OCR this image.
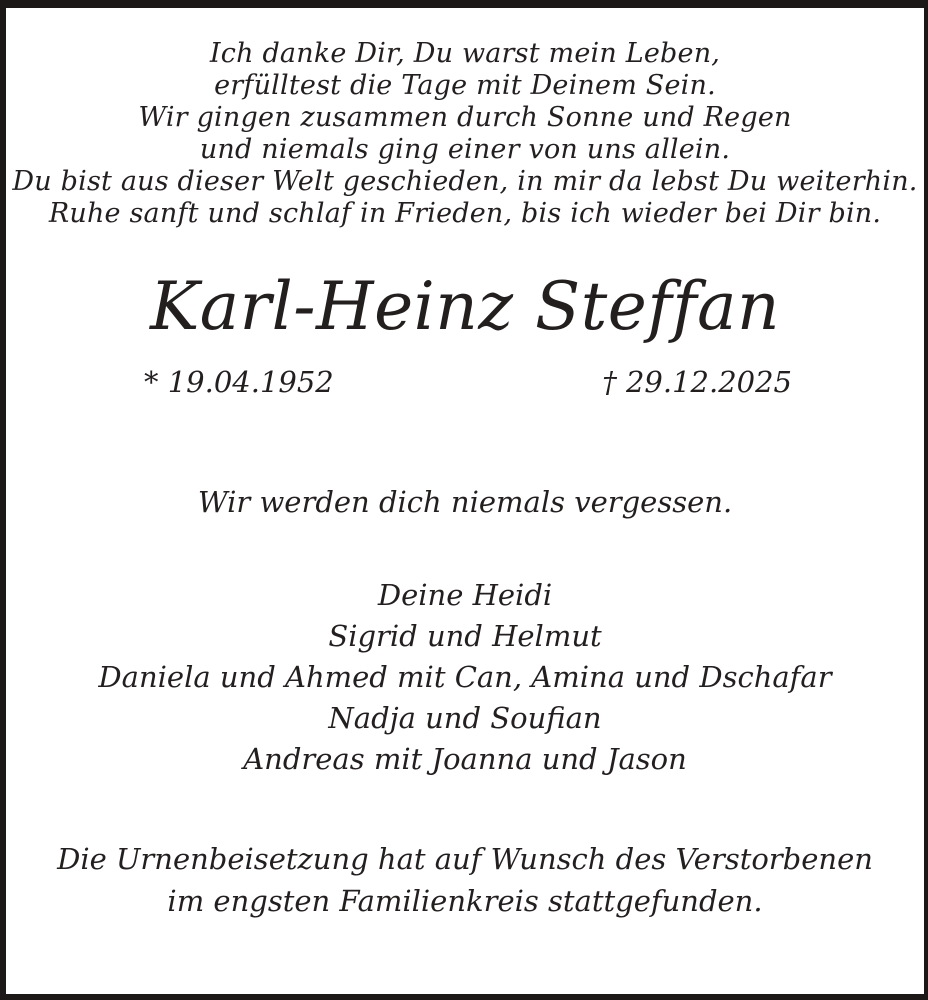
Ich danke Dir, Du warst mein Leben,
erfülltest die Tage mit Deinem Sein.
Wir gingen zusammen durch Sonne und Regen
und niemals ging einer von uns allein.
Du bist aus dieser Welt geschieden, in mir da lebst Du weiterhin.
Ruhe sanft und schlaf in Frieden, bis ich wieder bei Dir bin.
Karl-Heinz Steffan
* 19.04.1952	† 29.12.2025

Wir werden dich niemals vergessen.

Deine Heidi
Sigrid und Helmut
Daniela und Ahmed mit Can, Amina und Dschafar
Nadja und Soufian
Andreas mit Joanna und Jason
Die Urnenbeisetzung hat auf Wunsch des Verstorbenen
im engsten Familienkreis stattgefunden.
